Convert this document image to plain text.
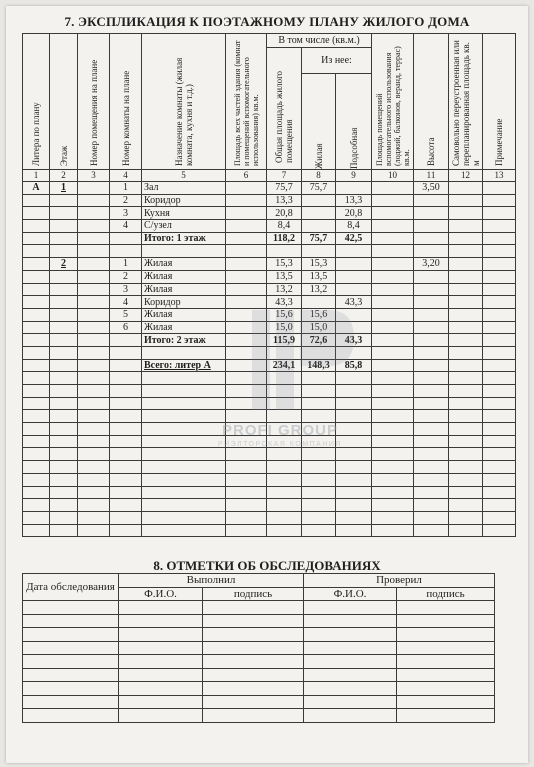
7. ЭКСПЛИКАЦИЯ К ПОЭТАЖНОМУ ПЛАНУ ЖИЛОГО ДОМА
Литера по плану	Этаж	Номер помещения на плане	Номер комнаты на плане	Назначение комнаты (жилая комната, кухня и т.д.)	Площадь всех частей здания (комнат и помещений вспомогательного использования) кв.м.	В том числе (кв.м.)			Площадь помещений вспомогательного использования (лоджий, балконов, веранд, террас) кв.м.	Высота	Самовольно переустроенная или перепланированная площадь кв. м	Примечание

						Общая площадь жилого помещения	Из нее:					

							Жилая	Подсобная				

1	2	3	4	5	6	7	8	9	10	11	12	13
А	1		1	Зал		75,7	75,7			3,50		
			2	Коридор		13,3		13,3				
			3	Кухня		20,8		20,8				
			4	С/узел		8,4		8,4				
				Итого: 1 этаж		118,2	75,7	42,5				

	2		1	Жилая		15,3	15,3			3,20		
			2	Жилая		13,5	13,5					
			3	Жилая		13,2	13,2					
			4	Коридор		43,3		43,3				
			5	Жилая		15,6	15,6					
			6	Жилая		15,0	15,0					
				Итого: 2 этаж		115,9	72,6	43,3				

				Всего: литер А		234,1	148,3	85,8				

PROFI GROUP
РИЭЛТОРСКАЯ КОМПАНИЯ
8. ОТМЕТКИ ОБ ОБСЛЕДОВАНИЯХ
Дата обследования	Выполнил		Проверил	
	Ф.И.О.	подпись	Ф.И.О.	подпись
